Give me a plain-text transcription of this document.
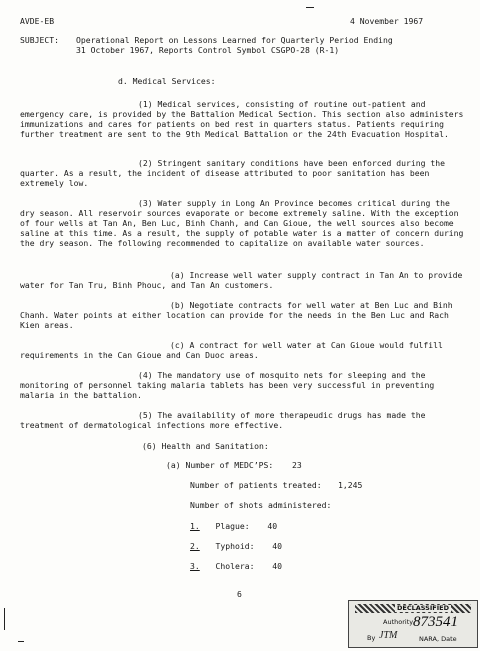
AVDE-EB	4 November 1967
SUBJECT: Operational Report on Lessons Learned for Quarterly Period Ending
31 October 1967, Reports Control Symbol CSGPO-28 (R-1)
d. Medical Services:
(1) Medical services, consisting of routine out-patient and emergency care, is provided by the Battalion Medical Section. This section also administers immunizations and cares for patients on bed rest in quarters status. Patients requiring further treatment are sent to the 9th Medical Battalion or the 24th Evacuation Hospital.
(2) Stringent sanitary conditions have been enforced during the quarter. As a result, the incident of disease attributed to poor sanitation has been extremely low.
(3) Water supply in Long An Province becomes critical during the dry season. All reservoir sources evaporate or become extremely saline. With the exception of four wells at Tan An, Ben Luc, Binh Chanh, and Can Gioue, the well sources also become saline at this time. As a result, the supply of potable water is a matter of concern during the dry season. The following recommended to capitalize on available water sources.
(a) Increase well water supply contract in Tan An to provide water for Tan Tru, Binh Phouc, and Tan An customers.
(b) Negotiate contracts for well water at Ben Luc and Binh Chanh. Water points at either location can provide for the needs in the Ben Luc and Rach Kien areas.
(c) A contract for well water at Can Gioue would fulfill requirements in the Can Gioue and Can Duoc areas.
(4) The mandatory use of mosquito nets for sleeping and the monitoring of personnel taking malaria tablets has been very successful in preventing malaria in the battalion.
(5) The availability of more therapeudic drugs has made the treatment of dermatological infections more effective.
(6) Health and Sanitation:
(a) Number of MEDC’PS: 23
Number of patients treated: 1,245
Number of shots administered:
1. Plague: 40
2. Typhoid: 40
3. Cholera: 40
6
DECLASSIFIED
Authority 873541
By JTM	NARA, Date
